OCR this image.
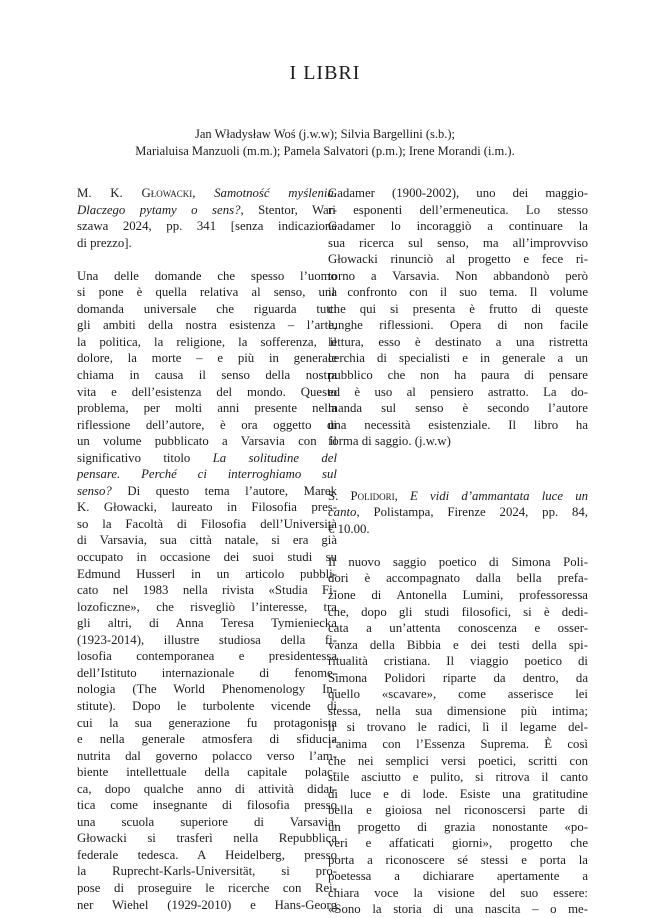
I LIBRI
Jan Władysław Woś (j.w.w); Silvia Bargellini (s.b.);
Marialuisa Manzuoli (m.m.); Pamela Salvatori (p.m.); Irene Morandi (i.m.).
M. K. Głowacki, Samotność myślenia.
Dlaczego pytamy o sens?, Stentor, War-
szawa 2024, pp. 341 [senza indicazione
di prezzo].
Una delle domande che spesso l’uomo
si pone è quella relativa al senso, una
domanda universale che riguarda tutti
gli ambiti della nostra esistenza – l’arte,
la politica, la religione, la sofferenza, il
dolore, la morte – e più in generale
chiama in causa il senso della nostra
vita e dell’esistenza del mondo. Questo
problema, per molti anni presente nella
riflessione dell’autore, è ora oggetto di
un volume pubblicato a Varsavia con il
significativo titolo La solitudine del
pensare. Perché ci interroghiamo sul
senso? Di questo tema l’autore, Marek
K. Głowacki, laureato in Filosofia pres-
so la Facoltà di Filosofia dell’Università
di Varsavia, sua città natale, si era già
occupato in occasione dei suoi studi su
Edmund Husserl in un articolo pubbli-
cato nel 1983 nella rivista «Studia Fi-
lozoficzne», che risvegliò l’interesse, tra
gli altri, di Anna Teresa Tymieniecka
(1923-2014), illustre studiosa della fi-
losofia contemporanea e presidentessa
dell’Istituto internazionale di fenome-
nologia (The World Phenomenology In-
stitute). Dopo le turbolente vicende di
cui la sua generazione fu protagonista
e nella generale atmosfera di sfiducia
nutrita dal governo polacco verso l’am-
biente intellettuale della capitale polac-
ca, dopo qualche anno di attività didat-
tica come insegnante di filosofia presso
una scuola superiore di Varsavia,
Głowacki si trasferì nella Repubblica
federale tedesca. A Heidelberg, presso
la Ruprecht-Karls-Universität, si pro-
pose di proseguire le ricerche con Rei-
ner Wiehel (1929-2010) e Hans-Georg
Gadamer (1900-2002), uno dei maggio-
ri esponenti dell’ermeneutica. Lo stesso
Gadamer lo incoraggiò a continuare la
sua ricerca sul senso, ma all’improvviso
Głowacki rinunciò al progetto e fece ri-
torno a Varsavia. Non abbandonò però
il confronto con il suo tema. Il volume
che qui si presenta è frutto di queste
lunghe riflessioni. Opera di non facile
lettura, esso è destinato a una ristretta
cerchia di specialisti e in generale a un
pubblico che non ha paura di pensare
ed è uso al pensiero astratto. La do-
manda sul senso è secondo l’autore
una necessità esistenziale. Il libro ha
forma di saggio. (j.w.w)
S. Polidori, E vidi d’ammantata luce un
canto, Polistampa, Firenze 2024, pp. 84,
€ 10.00.
Il nuovo saggio poetico di Simona Poli-
dori è accompagnato dalla bella prefa-
zione di Antonella Lumini, professoressa
che, dopo gli studi filosofici, si è dedi-
cata a un’attenta conoscenza e osser-
vanza della Bibbia e dei testi della spi-
ritualità cristiana. Il viaggio poetico di
Simona Polidori riparte da dentro, da
quello «scavare», come asserisce lei
stessa, nella sua dimensione più intima;
lì si trovano le radici, lì il legame del-
l’anima con l’Essenza Suprema. È così
che nei semplici versi poetici, scritti con
stile asciutto e pulito, si ritrova il canto
di luce e di lode. Esiste una gratitudine
bella e gioiosa nel riconoscersi parte di
un progetto di grazia nonostante «po-
veri e affaticati giorni», progetto che
porta a riconoscere sé stessi e porta la
poetessa a dichiarare apertamente a
chiara voce la visione del suo essere:
«Sono la storia di una nascita – o me-
